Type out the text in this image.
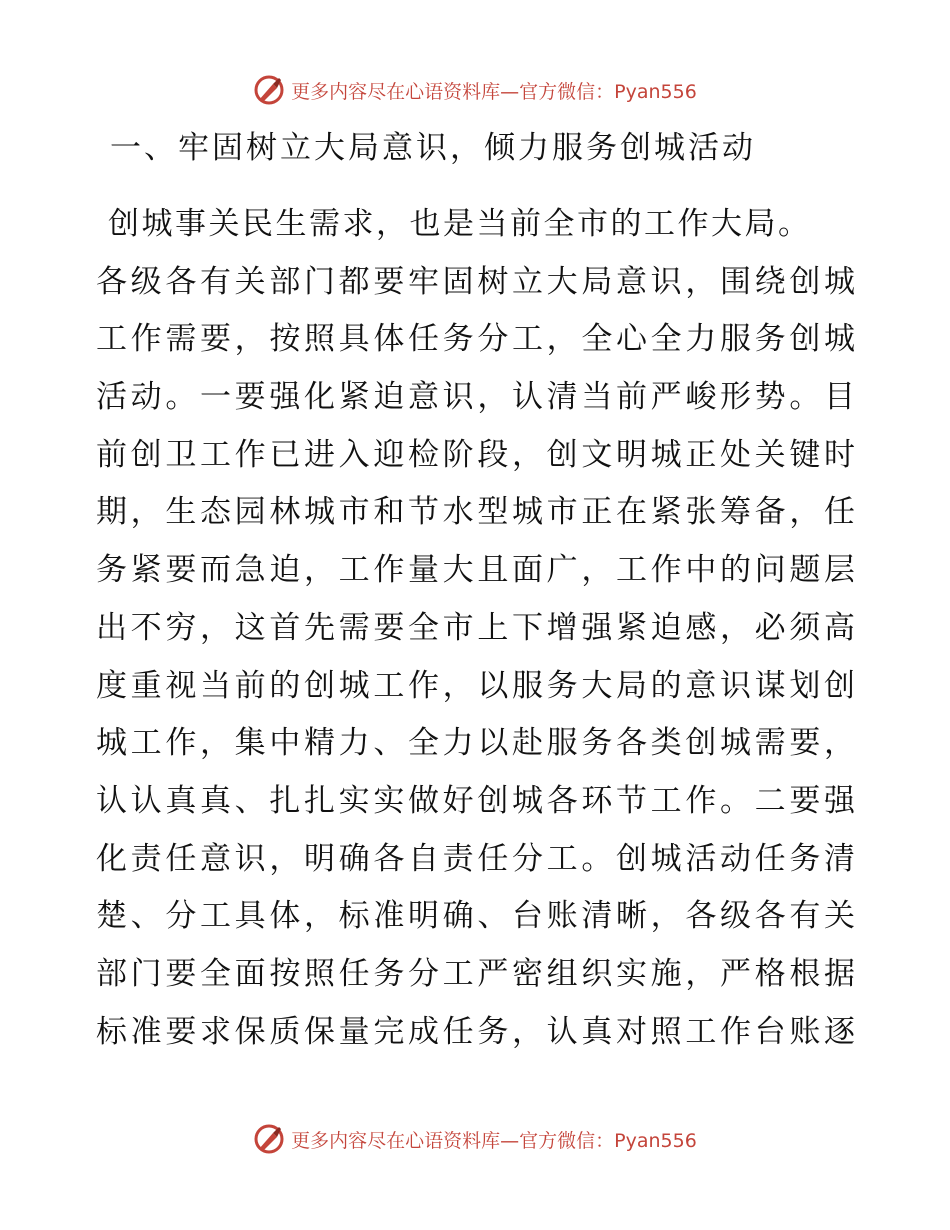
更多内容尽在心语资料库—官方微信：Pyan556
一、牢固树立大局意识，倾力服务创城活动
创城事关民生需求，也是当前全市的工作大局。
各级各有关部门都要牢固树立大局意识，围绕创城
工作需要，按照具体任务分工，全心全力服务创城
活动。一要强化紧迫意识，认清当前严峻形势。目
前创卫工作已进入迎检阶段，创文明城正处关键时
期，生态园林城市和节水型城市正在紧张筹备，任
务紧要而急迫，工作量大且面广，工作中的问题层
出不穷，这首先需要全市上下增强紧迫感，必须高
度重视当前的创城工作，以服务大局的意识谋划创
城工作，集中精力、全力以赴服务各类创城需要，
认认真真、扎扎实实做好创城各环节工作。二要强
化责任意识，明确各自责任分工。创城活动任务清
楚、分工具体，标准明确、台账清晰，各级各有关
部门要全面按照任务分工严密组织实施，严格根据
标准要求保质保量完成任务，认真对照工作台账逐
更多内容尽在心语资料库—官方微信：Pyan556
